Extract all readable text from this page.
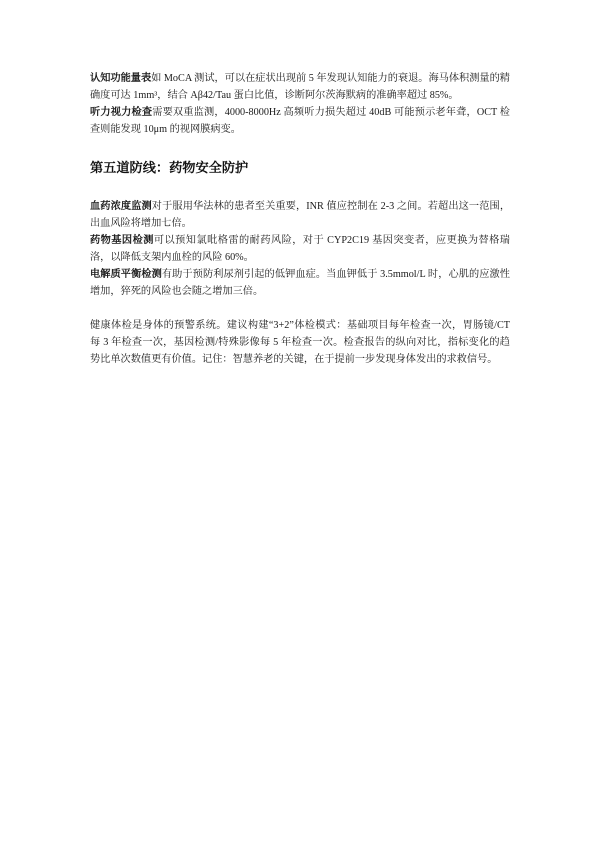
认知功能量表如 MoCA 测试，可以在症状出现前 5 年发现认知能力的衰退。海马体积测量的精确度可达 1mm³，结合 Aβ42/Tau 蛋白比值，诊断阿尔茨海默病的准确率超过 85%。

听力视力检查需要双重监测，4000-8000Hz 高频听力损失超过 40dB 可能预示老年聋，OCT 检查则能发现 10μm 的视网膜病变。

第五道防线：药物安全防护

血药浓度监测对于服用华法林的患者至关重要，INR 值应控制在 2-3 之间。若超出这一范围，出血风险将增加七倍。

药物基因检测可以预知氯吡格雷的耐药风险，对于 CYP2C19 基因突变者，应更换为替格瑞洛，以降低支架内血栓的风险 60%。

电解质平衡检测有助于预防利尿剂引起的低钾血症。当血钾低于 3.5mmol/L 时，心肌的应激性增加，猝死的风险也会随之增加三倍。

健康体检是身体的预警系统。建议构建“3+2”体检模式：基础项目每年检查一次，胃肠镜/CT 每 3 年检查一次，基因检测/特殊影像每 5 年检查一次。检查报告的纵向对比，指标变化的趋势比单次数值更有价值。记住：智慧养老的关键，在于提前一步发现身体发出的求救信号。
